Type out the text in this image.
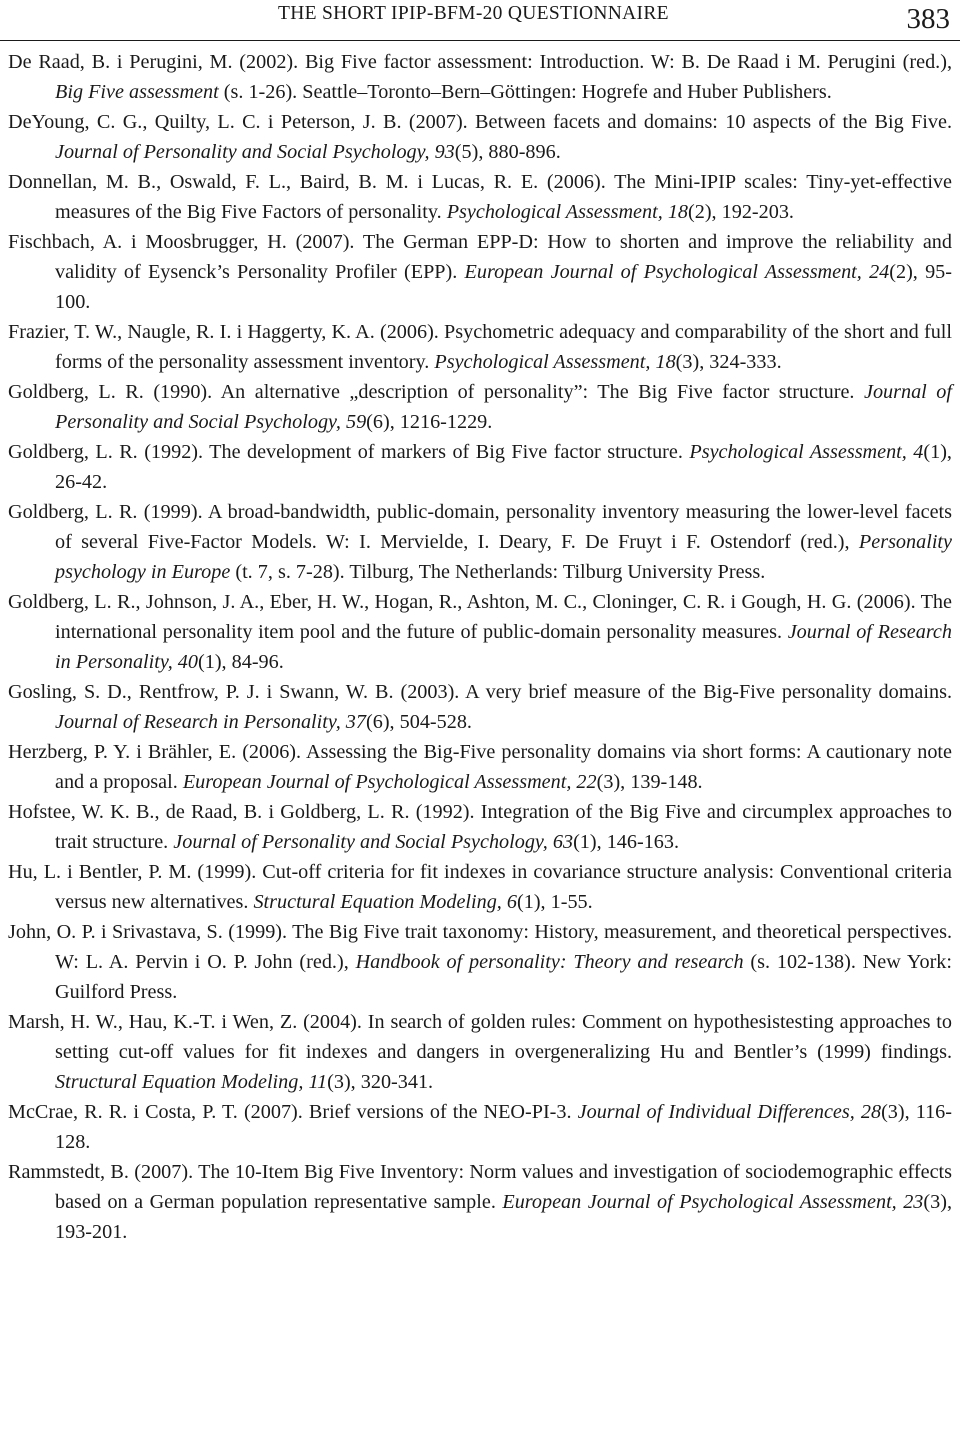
THE SHORT IPIP-BFM-20 QUESTIONNAIRE	383
De Raad, B. i Perugini, M. (2002). Big Five factor assessment: Introduction. W: B. De Raad i M. Perugini (red.), Big Five assessment (s. 1-26). Seattle–Toronto–Bern–Göttingen: Hogrefe and Huber Publishers.
DeYoung, C. G., Quilty, L. C. i Peterson, J. B. (2007). Between facets and domains: 10 aspects of the Big Five. Journal of Personality and Social Psychology, 93(5), 880-896.
Donnellan, M. B., Oswald, F. L., Baird, B. M. i Lucas, R. E. (2006). The Mini-IPIP scales: Tiny-yet-effective measures of the Big Five Factors of personality. Psychological Assessment, 18(2), 192-203.
Fischbach, A. i Moosbrugger, H. (2007). The German EPP-D: How to shorten and improve the reliability and validity of Eysenck’s Personality Profiler (EPP). European Journal of Psychological Assessment, 24(2), 95-100.
Frazier, T. W., Naugle, R. I. i Haggerty, K. A. (2006). Psychometric adequacy and comparability of the short and full forms of the personality assessment inventory. Psychological Assessment, 18(3), 324-333.
Goldberg, L. R. (1990). An alternative „description of personality”: The Big Five factor structure. Journal of Personality and Social Psychology, 59(6), 1216-1229.
Goldberg, L. R. (1992). The development of markers of Big Five factor structure. Psychological Assessment, 4(1), 26-42.
Goldberg, L. R. (1999). A broad-bandwidth, public-domain, personality inventory measuring the lower-level facets of several Five-Factor Models. W: I. Mervielde, I. Deary, F. De Fruyt i F. Ostendorf (red.), Personality psychology in Europe (t. 7, s. 7-28). Tilburg, The Netherlands: Tilburg University Press.
Goldberg, L. R., Johnson, J. A., Eber, H. W., Hogan, R., Ashton, M. C., Cloninger, C. R. i Gough, H. G. (2006). The international personality item pool and the future of public-domain personality measures. Journal of Research in Personality, 40(1), 84-96.
Gosling, S. D., Rentfrow, P. J. i Swann, W. B. (2003). A very brief measure of the Big-Five personality domains. Journal of Research in Personality, 37(6), 504-528.
Herzberg, P. Y. i Brähler, E. (2006). Assessing the Big-Five personality domains via short forms: A cautionary note and a proposal. European Journal of Psychological Assessment, 22(3), 139-148.
Hofstee, W. K. B., de Raad, B. i Goldberg, L. R. (1992). Integration of the Big Five and circumplex approaches to trait structure. Journal of Personality and Social Psychology, 63(1), 146-163.
Hu, L. i Bentler, P. M. (1999). Cut-off criteria for fit indexes in covariance structure analysis: Conventional criteria versus new alternatives. Structural Equation Modeling, 6(1), 1-55.
John, O. P. i Srivastava, S. (1999). The Big Five trait taxonomy: History, measurement, and theoretical perspectives. W: L. A. Pervin i O. P. John (red.), Handbook of personality: Theory and research (s. 102-138). New York: Guilford Press.
Marsh, H. W., Hau, K.-T. i Wen, Z. (2004). In search of golden rules: Comment on hypothesistesting approaches to setting cut-off values for fit indexes and dangers in overgeneralizing Hu and Bentler’s (1999) findings. Structural Equation Modeling, 11(3), 320-341.
McCrae, R. R. i Costa, P. T. (2007). Brief versions of the NEO-PI-3. Journal of Individual Differences, 28(3), 116-128.
Rammstedt, B. (2007). The 10-Item Big Five Inventory: Norm values and investigation of sociodemographic effects based on a German population representative sample. European Journal of Psychological Assessment, 23(3), 193-201.
